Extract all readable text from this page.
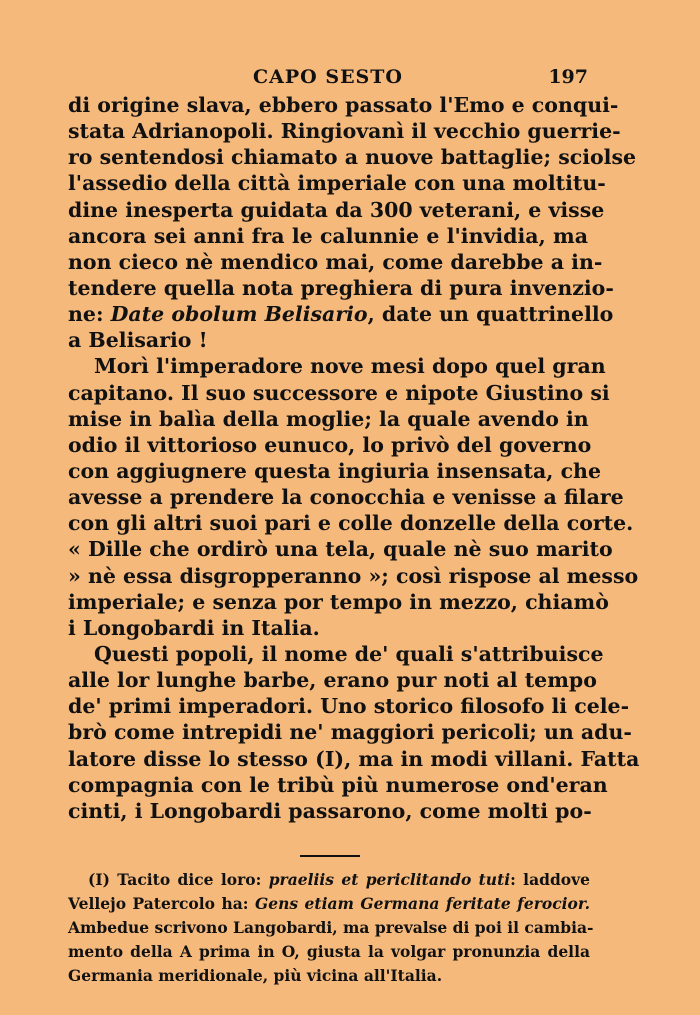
CAPO SESTO	197
di origine slava, ebbero passato l'Emo e conqui-
stata Adrianopoli. Ringiovanì il vecchio guerrie-
ro sentendosi chiamato a nuove battaglie; sciolse
l'assedio della città imperiale con una moltitu-
dine inesperta guidata da 300 veterani, e visse
ancora sei anni fra le calunnie e l'invidia, ma
non cieco nè mendico mai, come darebbe a in-
tendere quella nota preghiera di pura invenzio-
ne: Date obolum Belisario, date un quattrinello
a Belisario !
Morì l'imperadore nove mesi dopo quel gran
capitano. Il suo successore e nipote Giustino si
mise in balìa della moglie; la quale avendo in
odio il vittorioso eunuco, lo privò del governo
con aggiugnere questa ingiuria insensata, che
avesse a prendere la conocchia e venisse a filare
con gli altri suoi pari e colle donzelle della corte.
« Dille che ordirò una tela, quale nè suo marito
» nè essa disgropperanno »; così rispose al messo
imperiale; e senza por tempo in mezzo, chiamò
i Longobardi in Italia.
Questi popoli, il nome de' quali s'attribuisce
alle lor lunghe barbe, erano pur noti al tempo
de' primi imperadori. Uno storico filosofo li cele-
brò come intrepidi ne' maggiori pericoli; un adu-
latore disse lo stesso (I), ma in modi villani. Fatta
compagnia con le tribù più numerose ond'eran
cinti, i Longobardi passarono, come molti po-
(I) Tacito dice loro: praeliis et periclitando tuti: laddove
Vellejo Patercolo ha: Gens etiam Germana feritate ferocior.
Ambedue scrivono Langobardi, ma prevalse di poi il cambia-
mento della A prima in O, giusta la volgar pronunzia della
Germania meridionale, più vicina all'Italia.
